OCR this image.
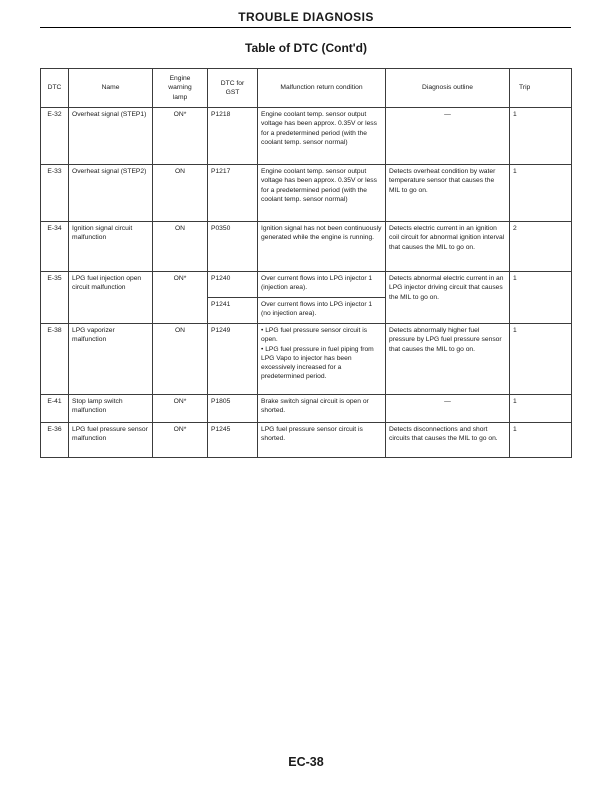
TROUBLE DIAGNOSIS
Table of DTC (Cont'd)
DTC	Name	Engine warning lamp	DTC for GST	Malfunction return condition	Diagnosis outline	Trip

E-32	Overheat signal (STEP1)	ON*	P1218	Engine coolant temp. sensor output voltage has been approx. 0.35V or less for a predetermined period (with the coolant temp. sensor normal)	—	1
E-33	Overheat signal (STEP2)	ON	P1217	Engine coolant temp. sensor output voltage has been approx. 0.35V or less for a predetermined period (with the coolant temp. sensor normal)	Detects overheat condition by water temperature sensor that causes the MIL to go on.	1
E-34	Ignition signal circuit malfunction	ON	P0350	Ignition signal has not been continuously generated while the engine is running.	Detects electric current in an ignition coil circuit for abnormal ignition interval that causes the MIL to go on.	2
E-35	LPG fuel injection open circuit malfunction	ON*	P1240	Over current flows into LPG injector 1 (injection area).	Detects abnormal electric current in an LPG injector driving circuit that causes the MIL to go on.	1
			P1241	Over current flows into LPG injector 1 (no injection area).		
E-38	LPG vaporizer malfunction	ON	P1249	• LPG fuel pressure sensor circuit is open.
• LPG fuel pressure in fuel piping from LPG Vapo to injector has been excessively increased for a predetermined period.	Detects abnormally higher fuel pressure by LPG fuel pressure sensor that causes the MIL to go on.	1
E-41	Stop lamp switch malfunction	ON*	P1805	Brake switch signal circuit is open or shorted.	—	1
E-36	LPG fuel pressure sensor malfunction	ON*	P1245	LPG fuel pressure sensor circuit is shorted.	Detects disconnections and short circuits that causes the MIL to go on.	1
EC-38
